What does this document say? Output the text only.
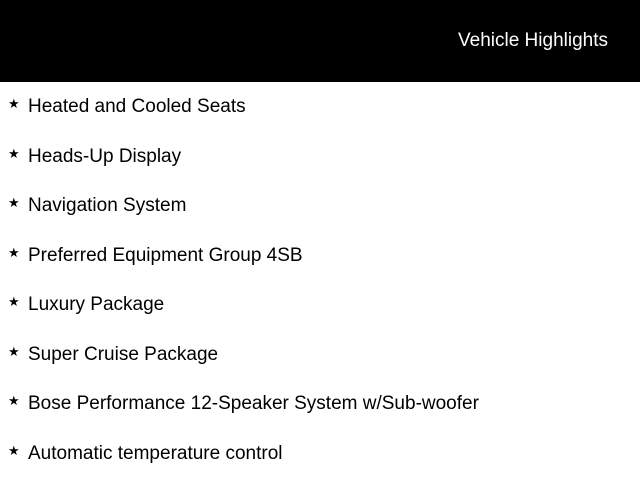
Vehicle Highlights
★ Heated and Cooled Seats
★ Heads-Up Display
★ Navigation System
★ Preferred Equipment Group 4SB
★ Luxury Package
★ Super Cruise Package
★ Bose Performance 12-Speaker System w/Sub-woofer
★ Automatic temperature control
